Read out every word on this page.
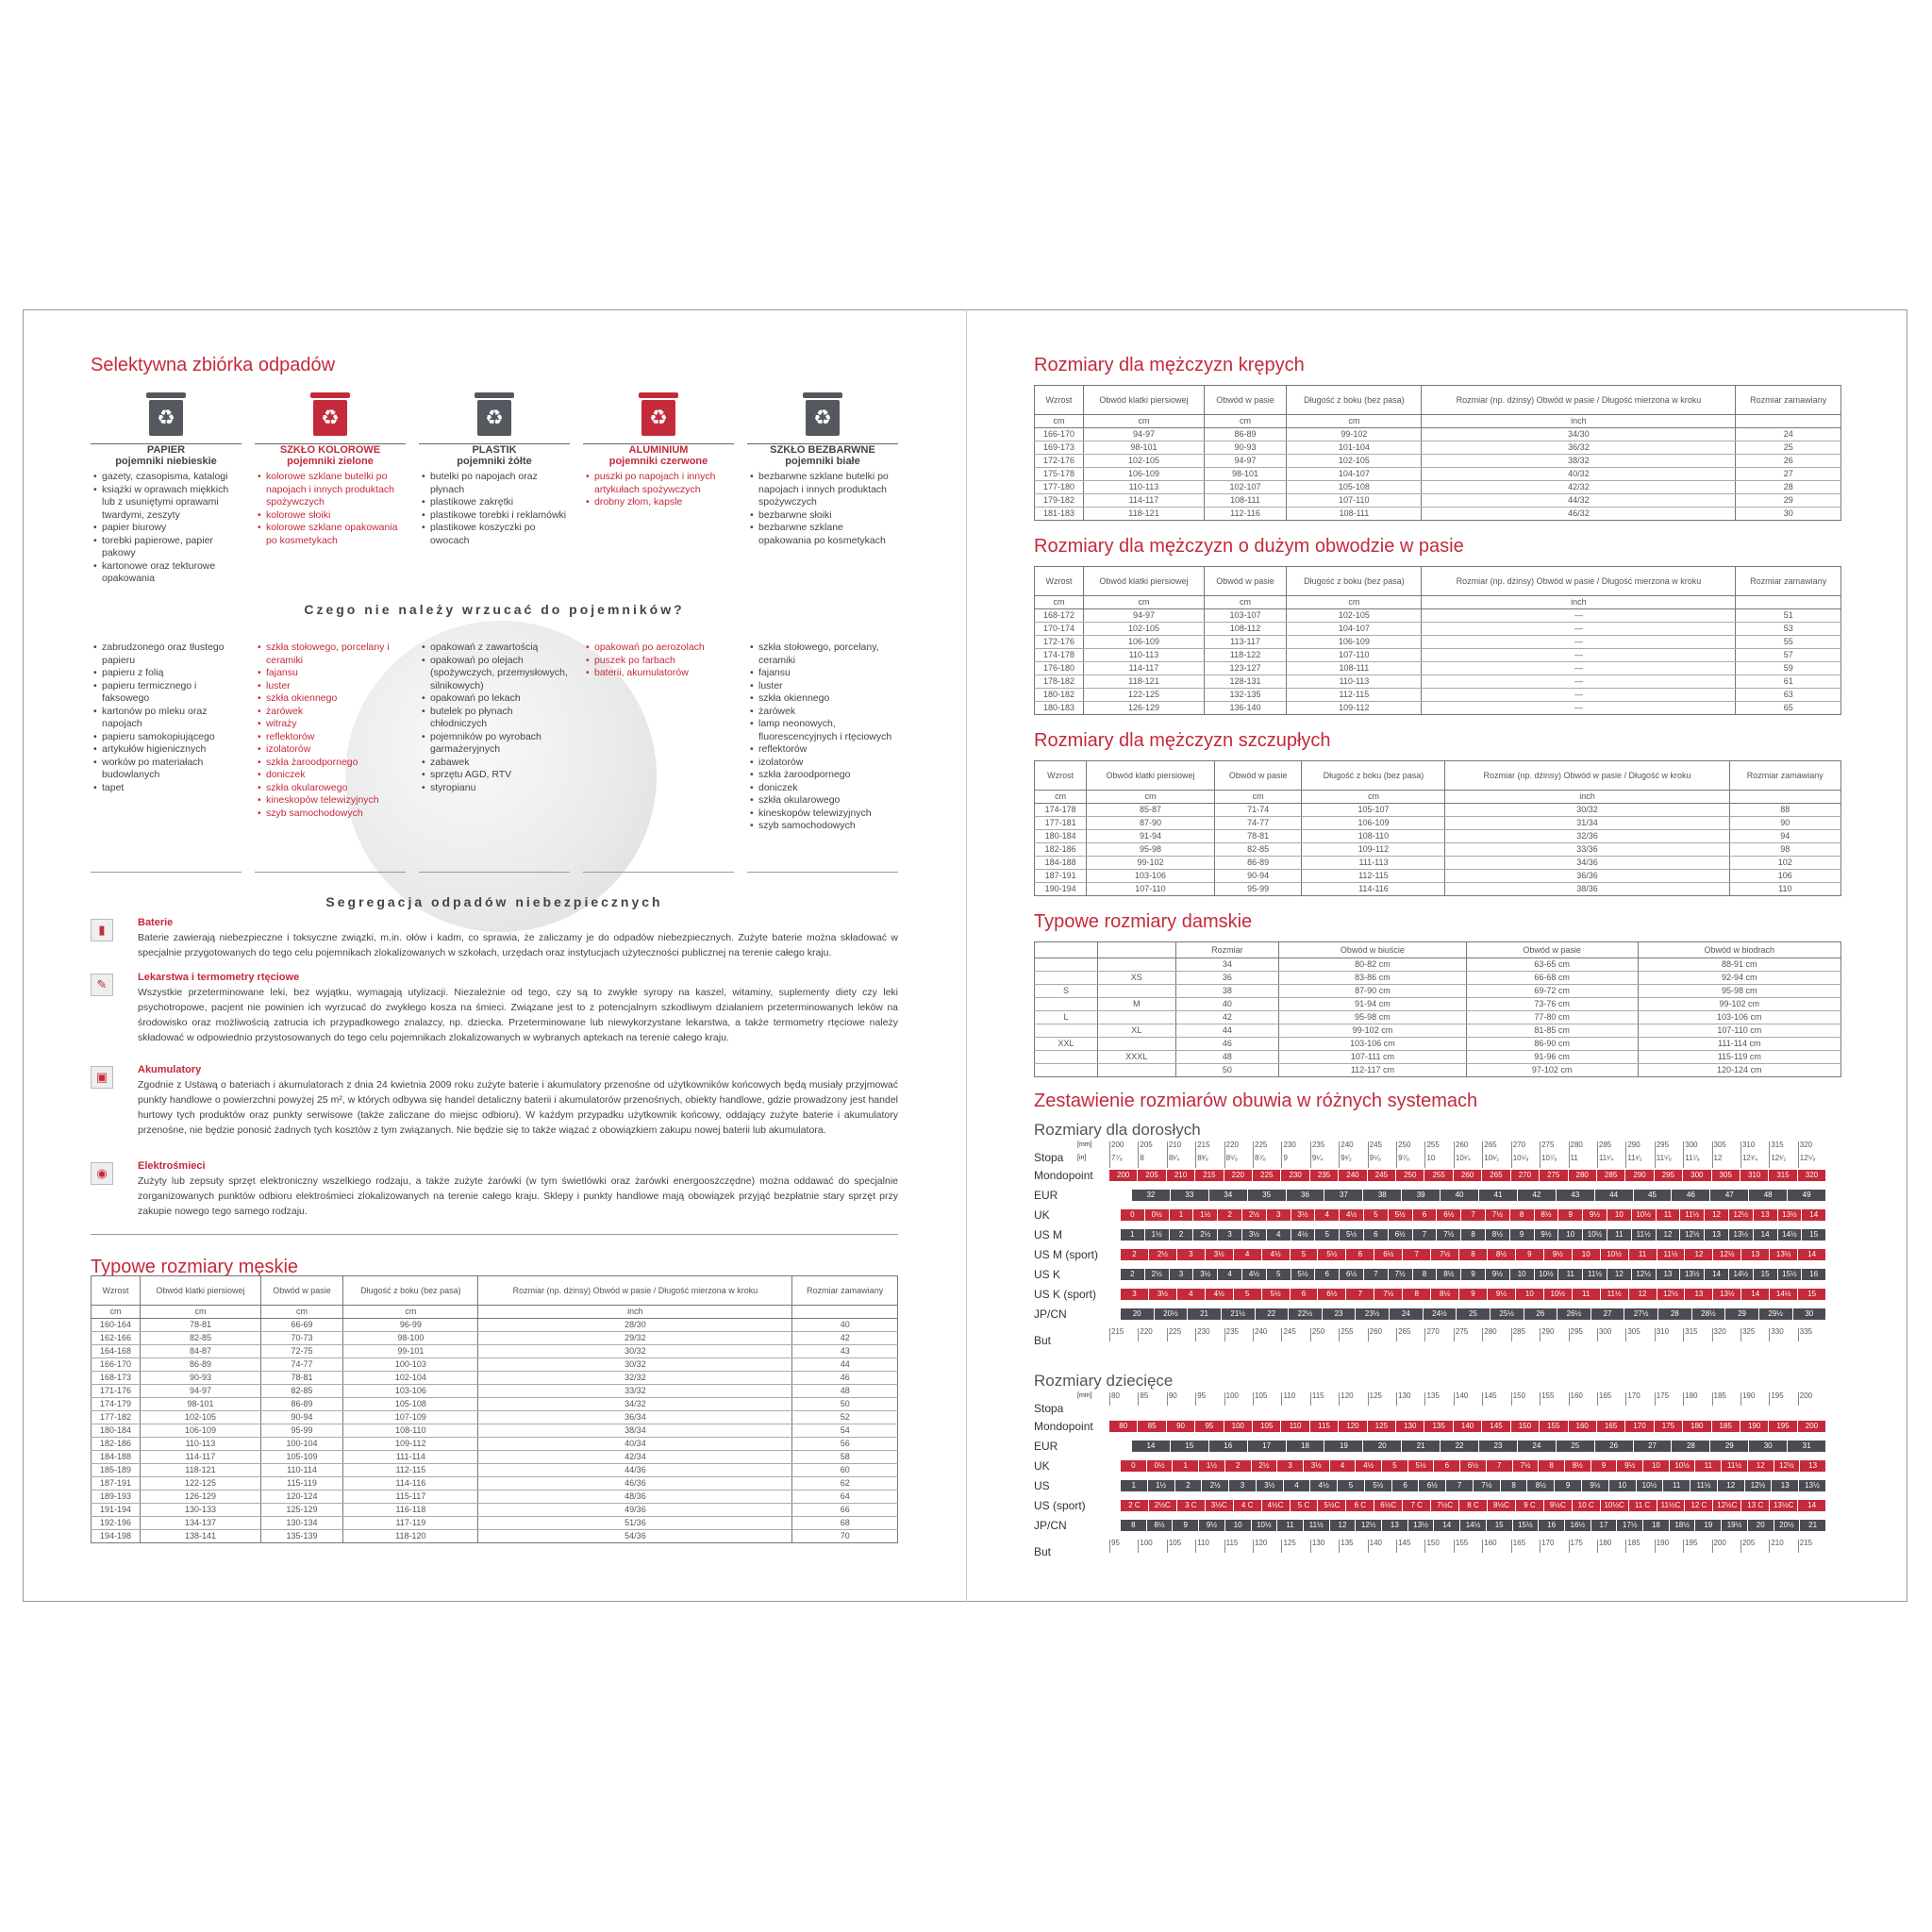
Selektywna zbiórka odpadów
♻
PAPIER
pojemniki niebieskie
• gazety, czasopisma, katalogi
• książki w oprawach miękkich lub z usuniętymi oprawami twardymi, zeszyty
• papier biurowy
• torebki papierowe, papier pakowy
• kartonowe oraz tekturowe opakowania
♻
SZKŁO KOLOROWE
pojemniki zielone
• kolorowe szklane butelki po napojach i innych produktach spożywczych
• kolorowe słoiki
• kolorowe szklane opakowania po kosmetykach
♻
PLASTIK
pojemniki żółte
• butelki po napojach oraz płynach
• plastikowe zakrętki
• plastikowe torebki i reklamówki
• plastikowe koszyczki po owocach
♻
ALUMINIUM
pojemniki czerwone
• puszki po napojach i innych artykułach spożywczych
• drobny złom, kapsle
♻
SZKŁO BEZBARWNE
pojemniki białe
• bezbarwne szklane butelki po napojach i innych produktach spożywczych
• bezbarwne słoiki
• bezbarwne szklane opakowania po kosmetykach
Czego nie należy wrzucać do pojemników?
• zabrudzonego oraz tłustego papieru
• papieru z folią
• papieru termicznego i faksowego
• kartonów po mleku oraz napojach
• papieru samokopiującego
• artykułów higienicznych
• worków po materiałach budowlanych
• tapet
• szkła stołowego, porcelany i ceramiki
• fajansu
• luster
• szkła okiennego
• żarówek
• witraży
• reflektorów
• izolatorów
• szkła żaroodpornego
• doniczek
• szkła okularowego
• kineskopów telewizyjnych
• szyb samochodowych
• opakowań z zawartością
• opakowań po olejach (spożywczych, przemysłowych, silnikowych)
• opakowań po lekach
• butelek po płynach chłodniczych
• pojemników po wyrobach garmażeryjnych
• zabawek
• sprzętu AGD, RTV
• styropianu
• opakowań po aerozolach
• puszek po farbach
• baterii, akumulatorów
• szkła stołowego, porcelany, ceramiki
• fajansu
• luster
• szkła okiennego
• żarówek
• lamp neonowych, fluorescencyjnych i rtęciowych
• reflektorów
• izolatorów
• szkła żaroodpornego
• doniczek
• szkła okularowego
• kineskopów telewizyjnych
• szyb samochodowych
Segregacja odpadów niebezpiecznych
Typowe rozmiary męskie
Wzrost	Obwód klatki piersiowej	Obwód w pasie	Długość z boku (bez pasa)	Rozmiar (np. dżinsy) Obwód w pasie / Długość mierzona w kroku	Rozmiar zamawiany
cm	cm	cm	cm	inch	
160-164	78-81	66-69	96-99	28/30	40
162-166	82-85	70-73	98-100	29/32	42
164-168	84-87	72-75	99-101	30/32	43
166-170	86-89	74-77	100-103	30/32	44
168-173	90-93	78-81	102-104	32/32	46
171-176	94-97	82-85	103-106	33/32	48
174-179	98-101	86-89	105-108	34/32	50
177-182	102-105	90-94	107-109	36/34	52
180-184	106-109	95-99	108-110	38/34	54
182-186	110-113	100-104	109-112	40/34	56
184-188	114-117	105-109	111-114	42/34	58
185-189	118-121	110-114	112-115	44/36	60
187-191	122-125	115-119	114-116	46/36	62
189-193	126-129	120-124	115-117	48/36	64
191-194	130-133	125-129	116-118	49/36	66
192-196	134-137	130-134	117-119	51/36	68
194-198	138-141	135-139	118-120	54/36	70
▮	Baterie
Baterie zawierają niebezpieczne i toksyczne związki, m.in. ołów i kadm, co sprawia, że zaliczamy je do odpadów niebezpiecznych. Zużyte baterie można składować w specjalnie przygotowanych do tego celu pojemnikach zlokalizowanych w szkołach, urzędach oraz instytucjach użyteczności publicznej na terenie całego kraju.
✎	Lekarstwa i termometry rtęciowe
Wszystkie przeterminowane leki, bez wyjątku, wymagają utylizacji. Niezależnie od tego, czy są to zwykłe syropy na kaszel, witaminy, suplementy diety czy leki psychotropowe, pacjent nie powinien ich wyrzucać do zwykłego kosza na śmieci. Związane jest to z potencjalnym szkodliwym działaniem przeterminowanych leków na środowisko oraz możliwością zatrucia ich przypadkowego znalazcy, np. dziecka. Przeterminowane lub niewykorzystane lekarstwa, a także termometry rtęciowe należy składować w odpowiednio przystosowanych do tego celu pojemnikach zlokalizowanych w wybranych aptekach na terenie całego kraju.
▣	Akumulatory
Zgodnie z Ustawą o bateriach i akumulatorach z dnia 24 kwietnia 2009 roku zużyte baterie i akumulatory przenośne od użytkowników końcowych będą musiały przyjmować punkty handlowe o powierzchni powyżej 25 m², w których odbywa się handel detaliczny baterii i akumulatorów przenośnych, obiekty handlowe, gdzie prowadzony jest handel hurtowy tych produktów oraz punkty serwisowe (także zaliczane do miejsc odbioru). W każdym przypadku użytkownik końcowy, oddający zużyte baterie i akumulatory przenośne, nie będzie ponosić żadnych tych kosztów z tym związanych. Nie będzie się to także wiązać z obowiązkiem zakupu nowej baterii lub akumulatora.
◉	Elektrośmieci
Zużyty lub zepsuty sprzęt elektroniczny wszelkiego rodzaju, a także zużyte żarówki (w tym świetlówki oraz żarówki energooszczędne) można oddawać do specjalnie zorganizowanych punktów odbioru elektrośmieci zlokalizowanych na terenie całego kraju. Sklepy i punkty handlowe mają obowiązek przyjąć bezpłatnie stary sprzęt przy zakupie nowego tego samego rodzaju.
Rozmiary dla mężczyzn krępych
Wzrost	Obwód klatki piersiowej	Obwód w pasie	Długość z boku (bez pasa)	Rozmiar (np. dżinsy) Obwód w pasie / Długość mierzona w kroku	Rozmiar zamawiany
cm	cm	cm	cm	inch	
166-170	94-97	86-89	99-102	34/30	24
169-173	98-101	90-93	101-104	36/32	25
172-176	102-105	94-97	102-105	38/32	26
175-178	106-109	98-101	104-107	40/32	27
177-180	110-113	102-107	105-108	42/32	28
179-182	114-117	108-111	107-110	44/32	29
181-183	118-121	112-116	108-111	46/32	30
Rozmiary dla mężczyzn o dużym obwodzie w pasie
Wzrost	Obwód klatki piersiowej	Obwód w pasie	Długość z boku (bez pasa)	Rozmiar (np. dżinsy) Obwód w pasie / Długość mierzona w kroku	Rozmiar zamawiany
cm	cm	cm	cm	inch	
168-172	94-97	103-107	102-105	—	51
170-174	102-105	108-112	104-107	—	53
172-176	106-109	113-117	106-109	—	55
174-178	110-113	118-122	107-110	—	57
176-180	114-117	123-127	108-111	—	59
178-182	118-121	128-131	110-113	—	61
180-182	122-125	132-135	112-115	—	63
180-183	126-129	136-140	109-112	—	65
Rozmiary dla mężczyzn szczupłych
Wzrost	Obwód klatki piersiowej	Obwód w pasie	Długość z boku (bez pasa)	Rozmiar (np. dżinsy) Obwód w pasie / Długość w kroku	Rozmiar zamawiany
cm	cm	cm	cm	inch	
174-178	85-87	71-74	105-107	30/32	88
177-181	87-90	74-77	106-109	31/34	90
180-184	91-94	78-81	108-110	32/36	94
182-186	95-98	82-85	109-112	33/36	98
184-188	99-102	86-89	111-113	34/36	102
187-191	103-106	90-94	112-115	36/36	106
190-194	107-110	95-99	114-116	38/36	110
Typowe rozmiary damskie
		Rozmiar	Obwód w biuście	Obwód w pasie	Obwód w biodrach
		34	80-82 cm	63-65 cm	88-91 cm
	XS	36	83-86 cm	66-68 cm	92-94 cm
S		38	87-90 cm	69-72 cm	95-98 cm
	M	40	91-94 cm	73-76 cm	99-102 cm
L		42	95-98 cm	77-80 cm	103-106 cm
	XL	44	99-102 cm	81-85 cm	107-110 cm
XXL		46	103-106 cm	86-90 cm	111-114 cm
	XXXL	48	107-111 cm	91-96 cm	115-119 cm
		50	112-117 cm	97-102 cm	120-124 cm
Zestawienie rozmiarów obuwia w różnych systemach
Rozmiary dla dorosłych
Stopa
[mm]	200	205	210	215	220	225	230	235	240	245	250	255	260	265	270	275	280	285	290	295	300	305	310	315	320
[in]	7⁷⁄₈	8	8¹⁄₄	8³⁄₈	8⁵⁄₈	8⁷⁄₈	9	9¹⁄₄	9¹⁄₂	9⁵⁄₈	9⁷⁄₈	10	10¹⁄₄	10¹⁄₂	10⁵⁄₈	10⁷⁄₈	11	11¹⁄₄	11¹⁄₂	11⁵⁄₈	11⁷⁄₈	12	12¹⁄₄	12¹⁄₂	12⁵⁄₈
Mondopoint	200	205	210	215	220	225	230	235	240	245	250	255	260	265	270	275	280	285	290	295	300	305	310	315	320
EUR	32	33	34	35	36	37	38	39	40	41	42	43	44	45	46	47	48	49
UK	0	0½	1	1½	2	2½	3	3½	4	4½	5	5½	6	6½	7	7½	8	8½	9	9½	10	10½	11	11½	12	12½	13	13½	14
US M	1	1½	2	2½	3	3½	4	4½	5	5½	6	6½	7	7½	8	8½	9	9½	10	10½	11	11½	12	12½	13	13½	14	14½	15
US M (sport)	2	2½	3	3½	4	4½	5	5½	6	6½	7	7½	8	8½	9	9½	10	10½	11	11½	12	12½	13	13½	14
US K	2	2½	3	3½	4	4½	5	5½	6	6½	7	7½	8	8½	9	9½	10	10½	11	11½	12	12½	13	13½	14	14½	15	15½	16
US K (sport)	3	3½	4	4½	5	5½	6	6½	7	7½	8	8½	9	9½	10	10½	11	11½	12	12½	13	13½	14	14½	15
JP/CN	20	20½	21	21½	22	22½	23	23½	24	24½	25	25½	26	26½	27	27½	28	28½	29	29½	30
But
215	220	225	230	235	240	245	250	255	260	265	270	275	280	285	290	295	300	305	310	315	320	325	330	335
Rozmiary dziecięce
Stopa
[mm]	80	85	90	95	100	105	110	115	120	125	130	135	140	145	150	155	160	165	170	175	180	185	190	195	200
Mondopoint	80	85	90	95	100	105	110	115	120	125	130	135	140	145	150	155	160	165	170	175	180	185	190	195	200
EUR	14	15	16	17	18	19	20	21	22	23	24	25	26	27	28	29	30	31
UK	0	0½	1	1½	2	2½	3	3½	4	4½	5	5½	6	6½	7	7½	8	8½	9	9½	10	10½	11	11½	12	12½	13
US	1	1½	2	2½	3	3½	4	4½	5	5½	6	6½	7	7½	8	8½	9	9½	10	10½	11	11½	12	12½	13	13½
US (sport)	2 C	2½C	3 C	3½C	4 C	4½C	5 C	5½C	6 C	6½C	7 C	7½C	8 C	8½C	9 C	9½C	10 C	10½C	11 C	11½C	12 C	12½C	13 C	13½C	14
JP/CN	8	8½	9	9½	10	10½	11	11½	12	12½	13	13½	14	14½	15	15½	16	16½	17	17½	18	18½	19	19½	20	20½	21
But
95	100	105	110	115	120	125	130	135	140	145	150	155	160	165	170	175	180	185	190	195	200	205	210	215
